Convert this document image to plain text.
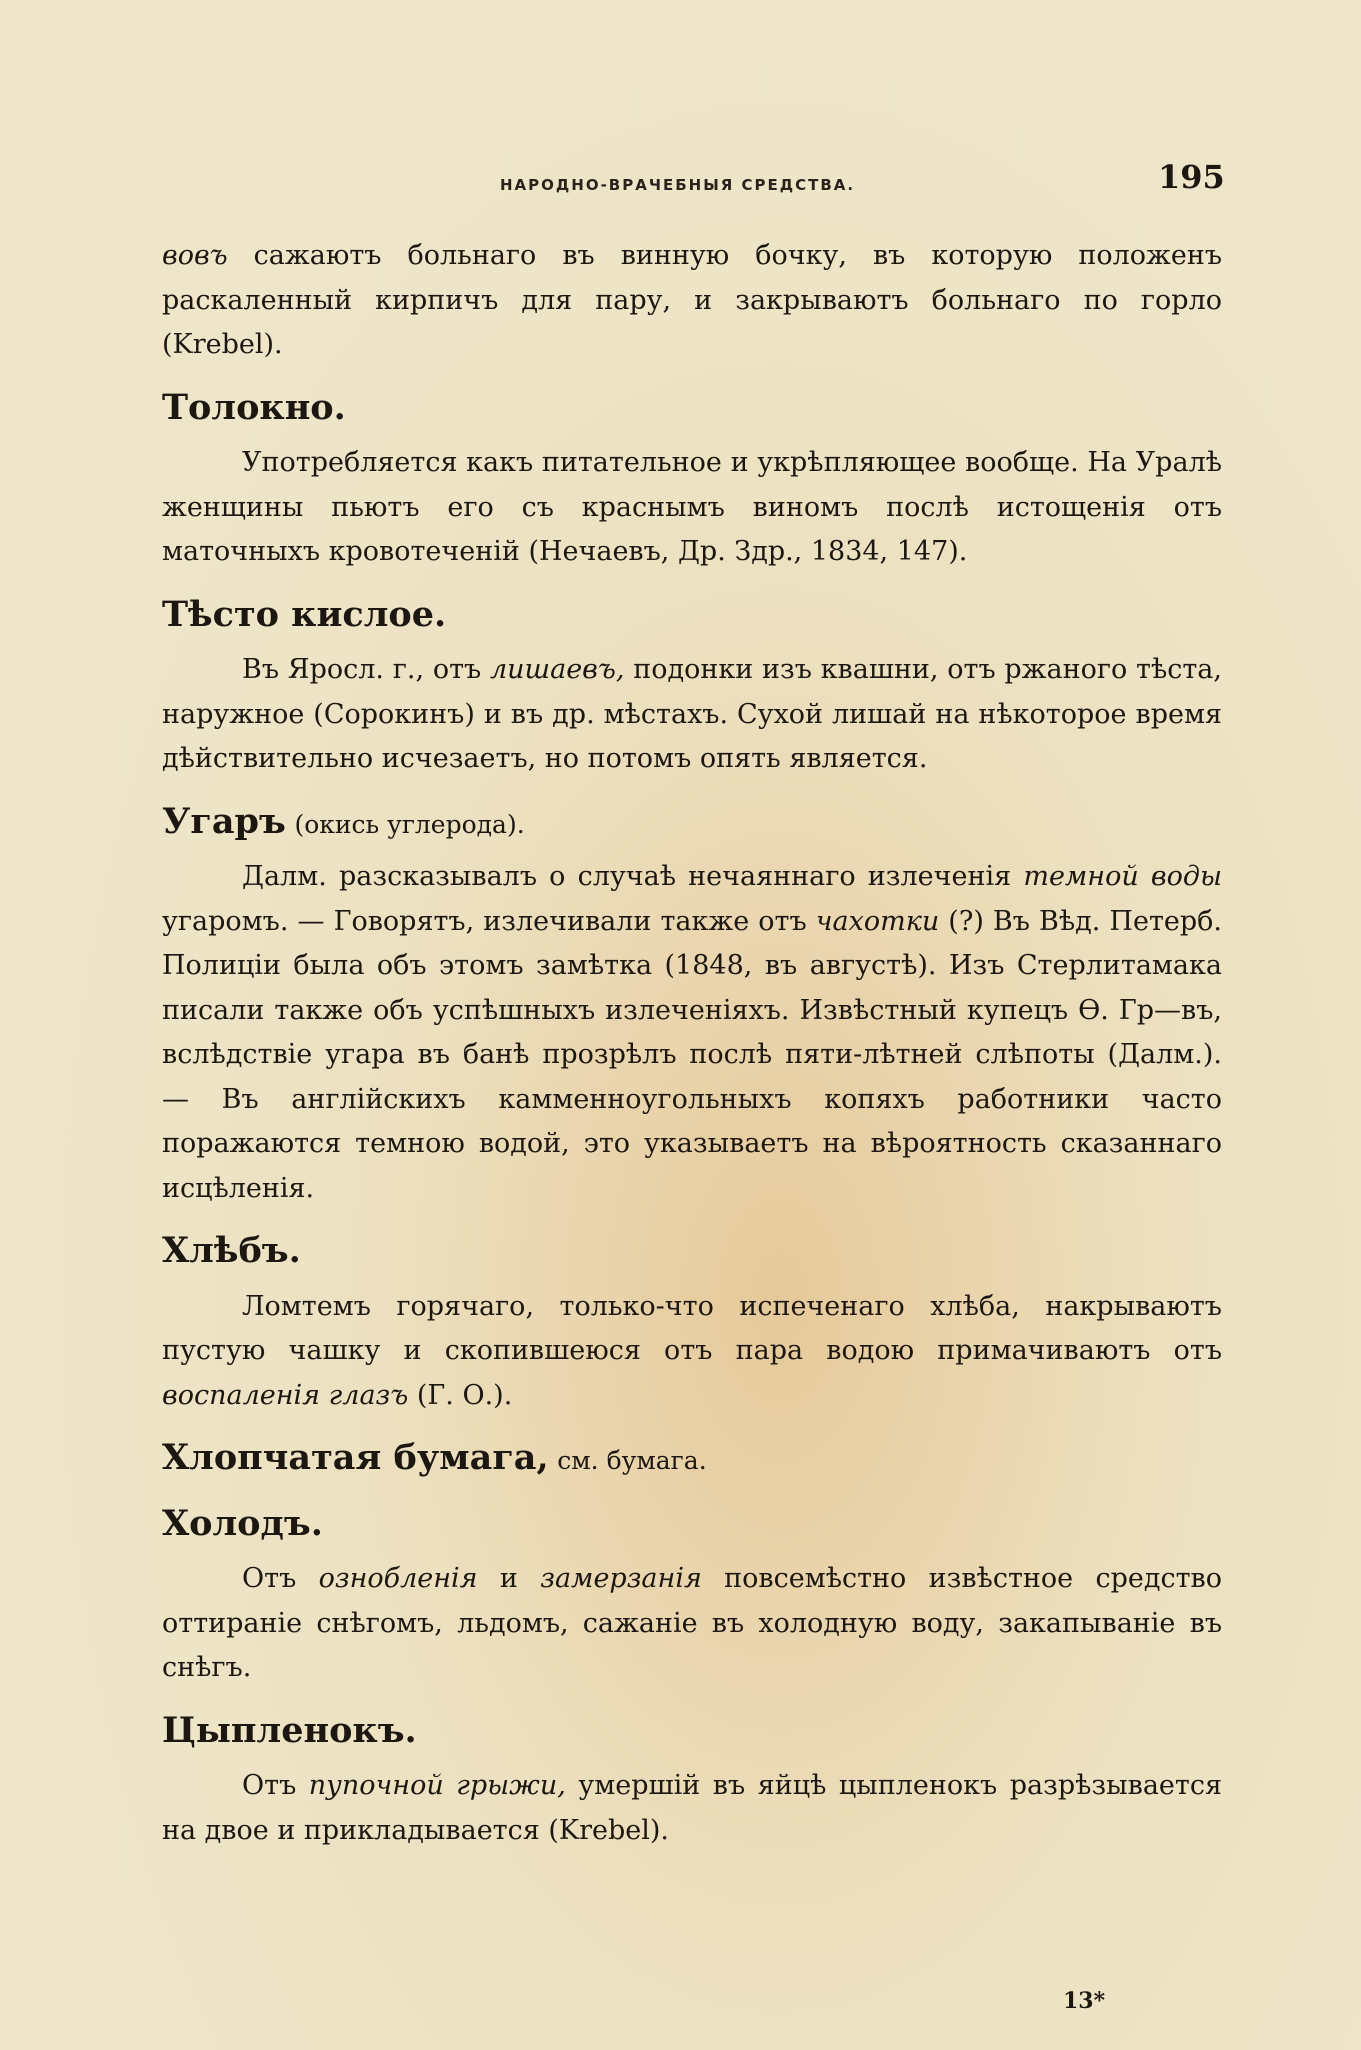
НАРОДНО-ВРАЧЕБНЫЯ СРЕДСТВА.	195

вовъ сажаютъ больнаго въ винную бочку, въ которую положенъ раскаленный кирпичъ для пару, и закрываютъ больнаго по горло (Krebel).

Толокно.

Употребляется какъ питательное и укрѣпляющее вообще. На Уралѣ женщины пьютъ его съ краснымъ виномъ послѣ истощенія отъ маточныхъ кровотеченій (Нечаевъ, Др. Здр., 1834, 147).

Тѣсто кислое.

Въ Яросл. г., отъ лишаевъ, подонки изъ квашни, отъ ржаного тѣста, наружное (Сорокинъ) и въ др. мѣстахъ. Сухой лишай на нѣкоторое время дѣйствительно исчезаетъ, но потомъ опять является.

Угаръ (окись углерода).

Далм. разсказывалъ о случаѣ нечаяннаго излеченія темной воды угаромъ. — Говорятъ, излечивали также отъ чахотки (?) Въ Вѣд. Петерб. Полиціи была объ этомъ замѣтка (1848, въ августѣ). Изъ Стерлитамака писали также объ успѣшныхъ излеченіяхъ. Извѣстный купецъ Ѳ. Гр—въ, вслѣдствіе угара въ банѣ прозрѣлъ послѣ пяти-лѣтней слѣпоты (Далм.). — Въ англійскихъ камменноугольныхъ копяхъ работники часто поражаются темною водой, это указываетъ на вѣроятность сказаннаго исцѣленія.

Хлѣбъ.

Ломтемъ горячаго, только-что испеченаго хлѣба, накрываютъ пустую чашку и скопившеюся отъ пара водою примачиваютъ отъ воспаленія глазъ (Г. О.).

Хлопчатая бумага, см. бумага.
Холодъ.

Отъ ознобленія и замерзанія повсемѣстно извѣстное средство оттираніе снѣгомъ, льдомъ, сажаніе въ холодную воду, закапываніе въ снѣгъ.

Цыпленокъ.

Отъ пупочной грыжи, умершій въ яйцѣ цыпленокъ разрѣзывается на двое и прикладывается (Krebel).

13*
